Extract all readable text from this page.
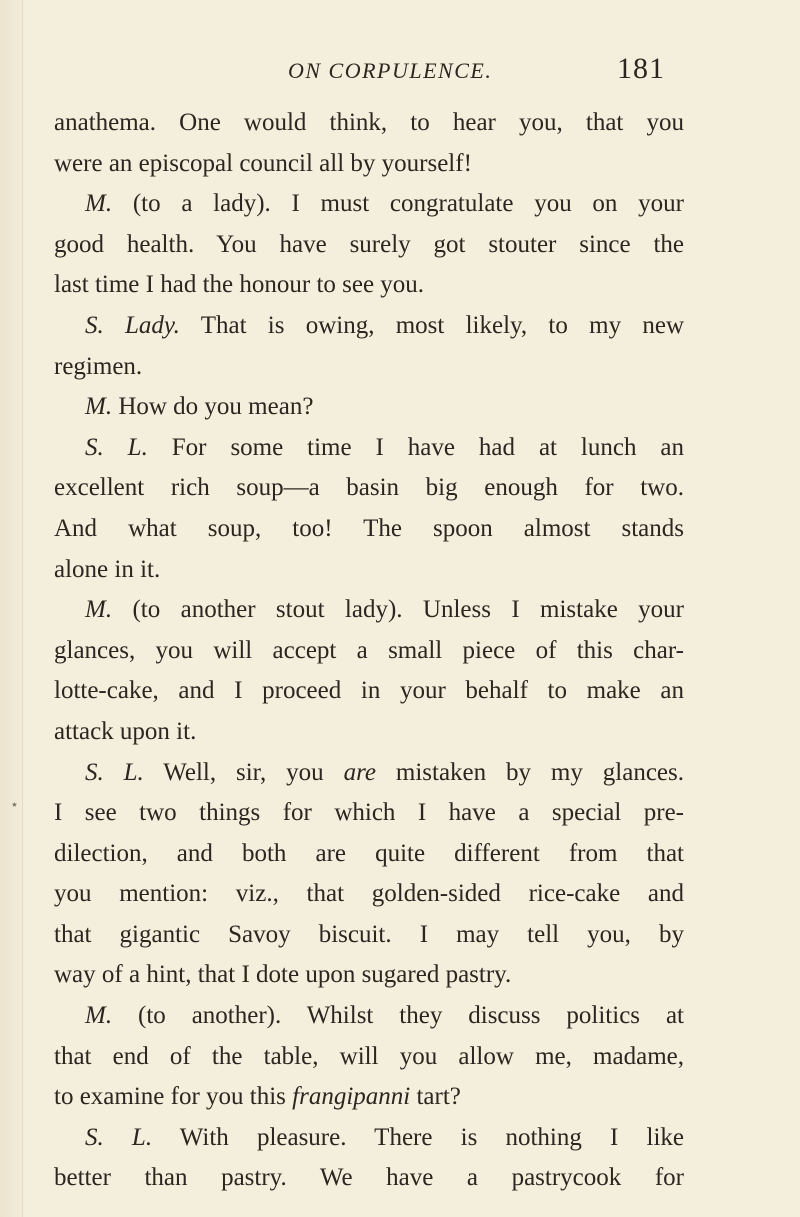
ON CORPULENCE.	181
anathema. One would think, to hear you, that you
were an episcopal council all by yourself!
M. (to a lady). I must congratulate you on your
good health. You have surely got stouter since the
last time I had the honour to see you.
S. Lady. That is owing, most likely, to my new
regimen.
M. How do you mean?
S. L. For some time I have had at lunch an
excellent rich soup—a basin big enough for two.
And what soup, too! The spoon almost stands
alone in it.
M. (to another stout lady). Unless I mistake your
glances, you will accept a small piece of this char-
lotte-cake, and I proceed in your behalf to make an
attack upon it.
S. L. Well, sir, you are mistaken by my glances.
I see two things for which I have a special pre-
dilection, and both are quite different from that
you mention: viz., that golden-sided rice-cake and
that gigantic Savoy biscuit. I may tell you, by
way of a hint, that I dote upon sugared pastry.
M. (to another). Whilst they discuss politics at
that end of the table, will you allow me, madame,
to examine for you this frangipanni tart?
S. L. With pleasure. There is nothing I like
better than pastry. We have a pastrycook for
⋆
